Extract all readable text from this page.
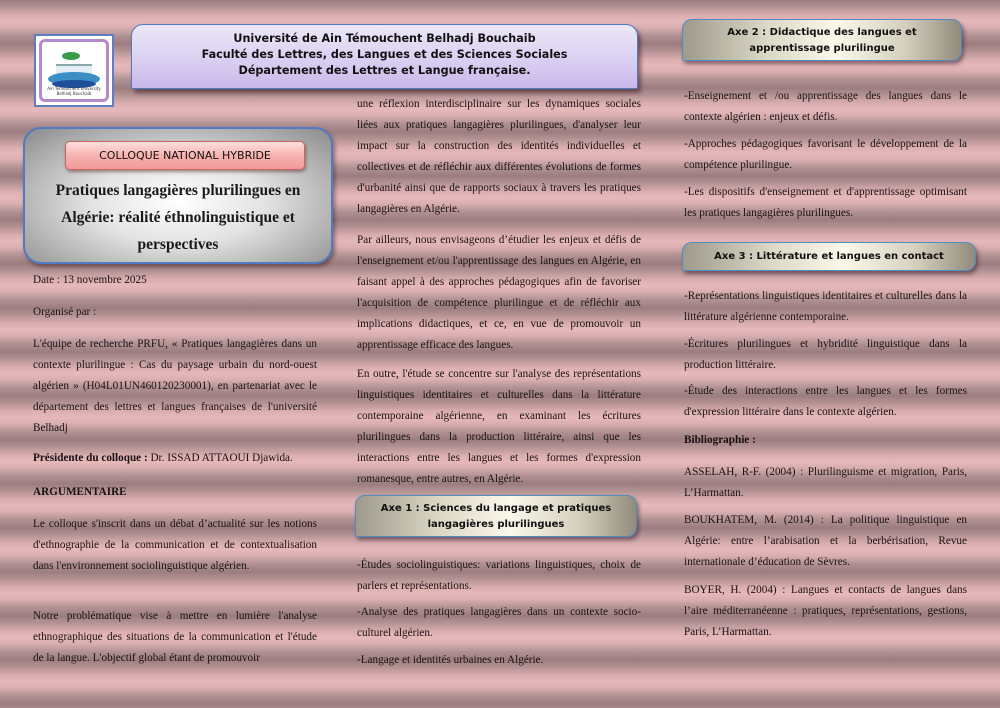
Ain Temouchent University Belhadj Bouchaib
Université de Ain Témouchent Belhadj Bouchaib
Faculté des Lettres, des Langues et des Sciences Sociales
Département des Lettres et Langue française.
COLLOQUE NATIONAL HYBRIDE
Pratiques langagières plurilingues en Algérie: réalité éthnolinguistique et perspectives

Date : 13 novembre 2025

Organisé par :

L'équipe de recherche PRFU, « Pratiques langagières dans un contexte plurilingue : Cas du paysage urbain du nord-ouest algérien » (H04L01UN460120230001), en partenariat avec le département des lettres et langues françaises de l'université Belhadj

Présidente du colloque : Dr. ISSAD ATTAOUI Djawida.

ARGUMENTAIRE

Le colloque s'inscrit dans un débat d’actualité sur les notions d'ethnographie de la communication et de contextualisation dans l'environnement sociolinguistique algérien.

Notre problématique vise à mettre en lumière l'analyse ethnographique des situations de la communication et l'étude de la langue. L'objectif global étant de promouvoir

une réflexion interdisciplinaire sur les dynamiques sociales liées aux pratiques langagières plurilingues, d'analyser leur impact sur la construction des identités individuelles et collectives et de réfléchir aux différentes évolutions de formes d'urbanité ainsi que de rapports sociaux à travers les pratiques langagières en Algérie.

Par ailleurs, nous envisageons d’étudier les enjeux et défis de l'enseignement et/ou l'apprentissage des langues en Algérie, en faisant appel à des approches pédagogiques afin de favoriser l'acquisition de compétence plurilingue et de réfléchir aux implications didactiques, et ce, en vue de promouvoir un apprentissage efficace des langues.

En outre, l'étude se concentre sur l'analyse des représentations linguistiques identitaires et culturelles dans la littérature contemporaine algérienne, en examinant les écritures plurilingues dans la production littéraire, ainsi que les interactions entre les langues et les formes d'expression romanesque, entre autres, en Algérie.

Axe 1 : Sciences du langage et pratiques langagières plurilingues

-Études sociolinguistiques: variations linguistiques, choix de parlers et représentations.

-Analyse des pratiques langagières dans un contexte socio-culturel algérien.

-Langage et identités urbaines en Algérie.

Axe 2 : Didactique des langues et apprentissage plurilingue

-Enseignement et /ou apprentissage des langues dans le contexte algérien : enjeux et défis.

-Approches pédagogiques favorisant le développement de la compétence plurilingue.

-Les dispositifs d'enseignement et d'apprentissage optimisant les pratiques langagières plurilingues.

Axe 3 : Littérature et langues en contact

-Représentations linguistiques identitaires et culturelles dans la littérature algérienne contemporaine.

-Écritures plurilingues et hybridité linguistique dans la production littéraire.

-Étude des interactions entre les langues et les formes d'expression littéraire dans le contexte algérien.

Bibliographie :

ASSELAH, R-F. (2004) : Plurilinguisme et migration, Paris, L’Harmattan.

BOUKHATEM, M. (2014) : La politique linguistique en Algérie: entre l’arabisation et la berbérisation, Revue internationale d’éducation de Sèvres.

BOYER, H. (2004) : Langues et contacts de langues dans l’aire méditerranéenne : pratiques, représentations, gestions, Paris, L’Harmattan.
